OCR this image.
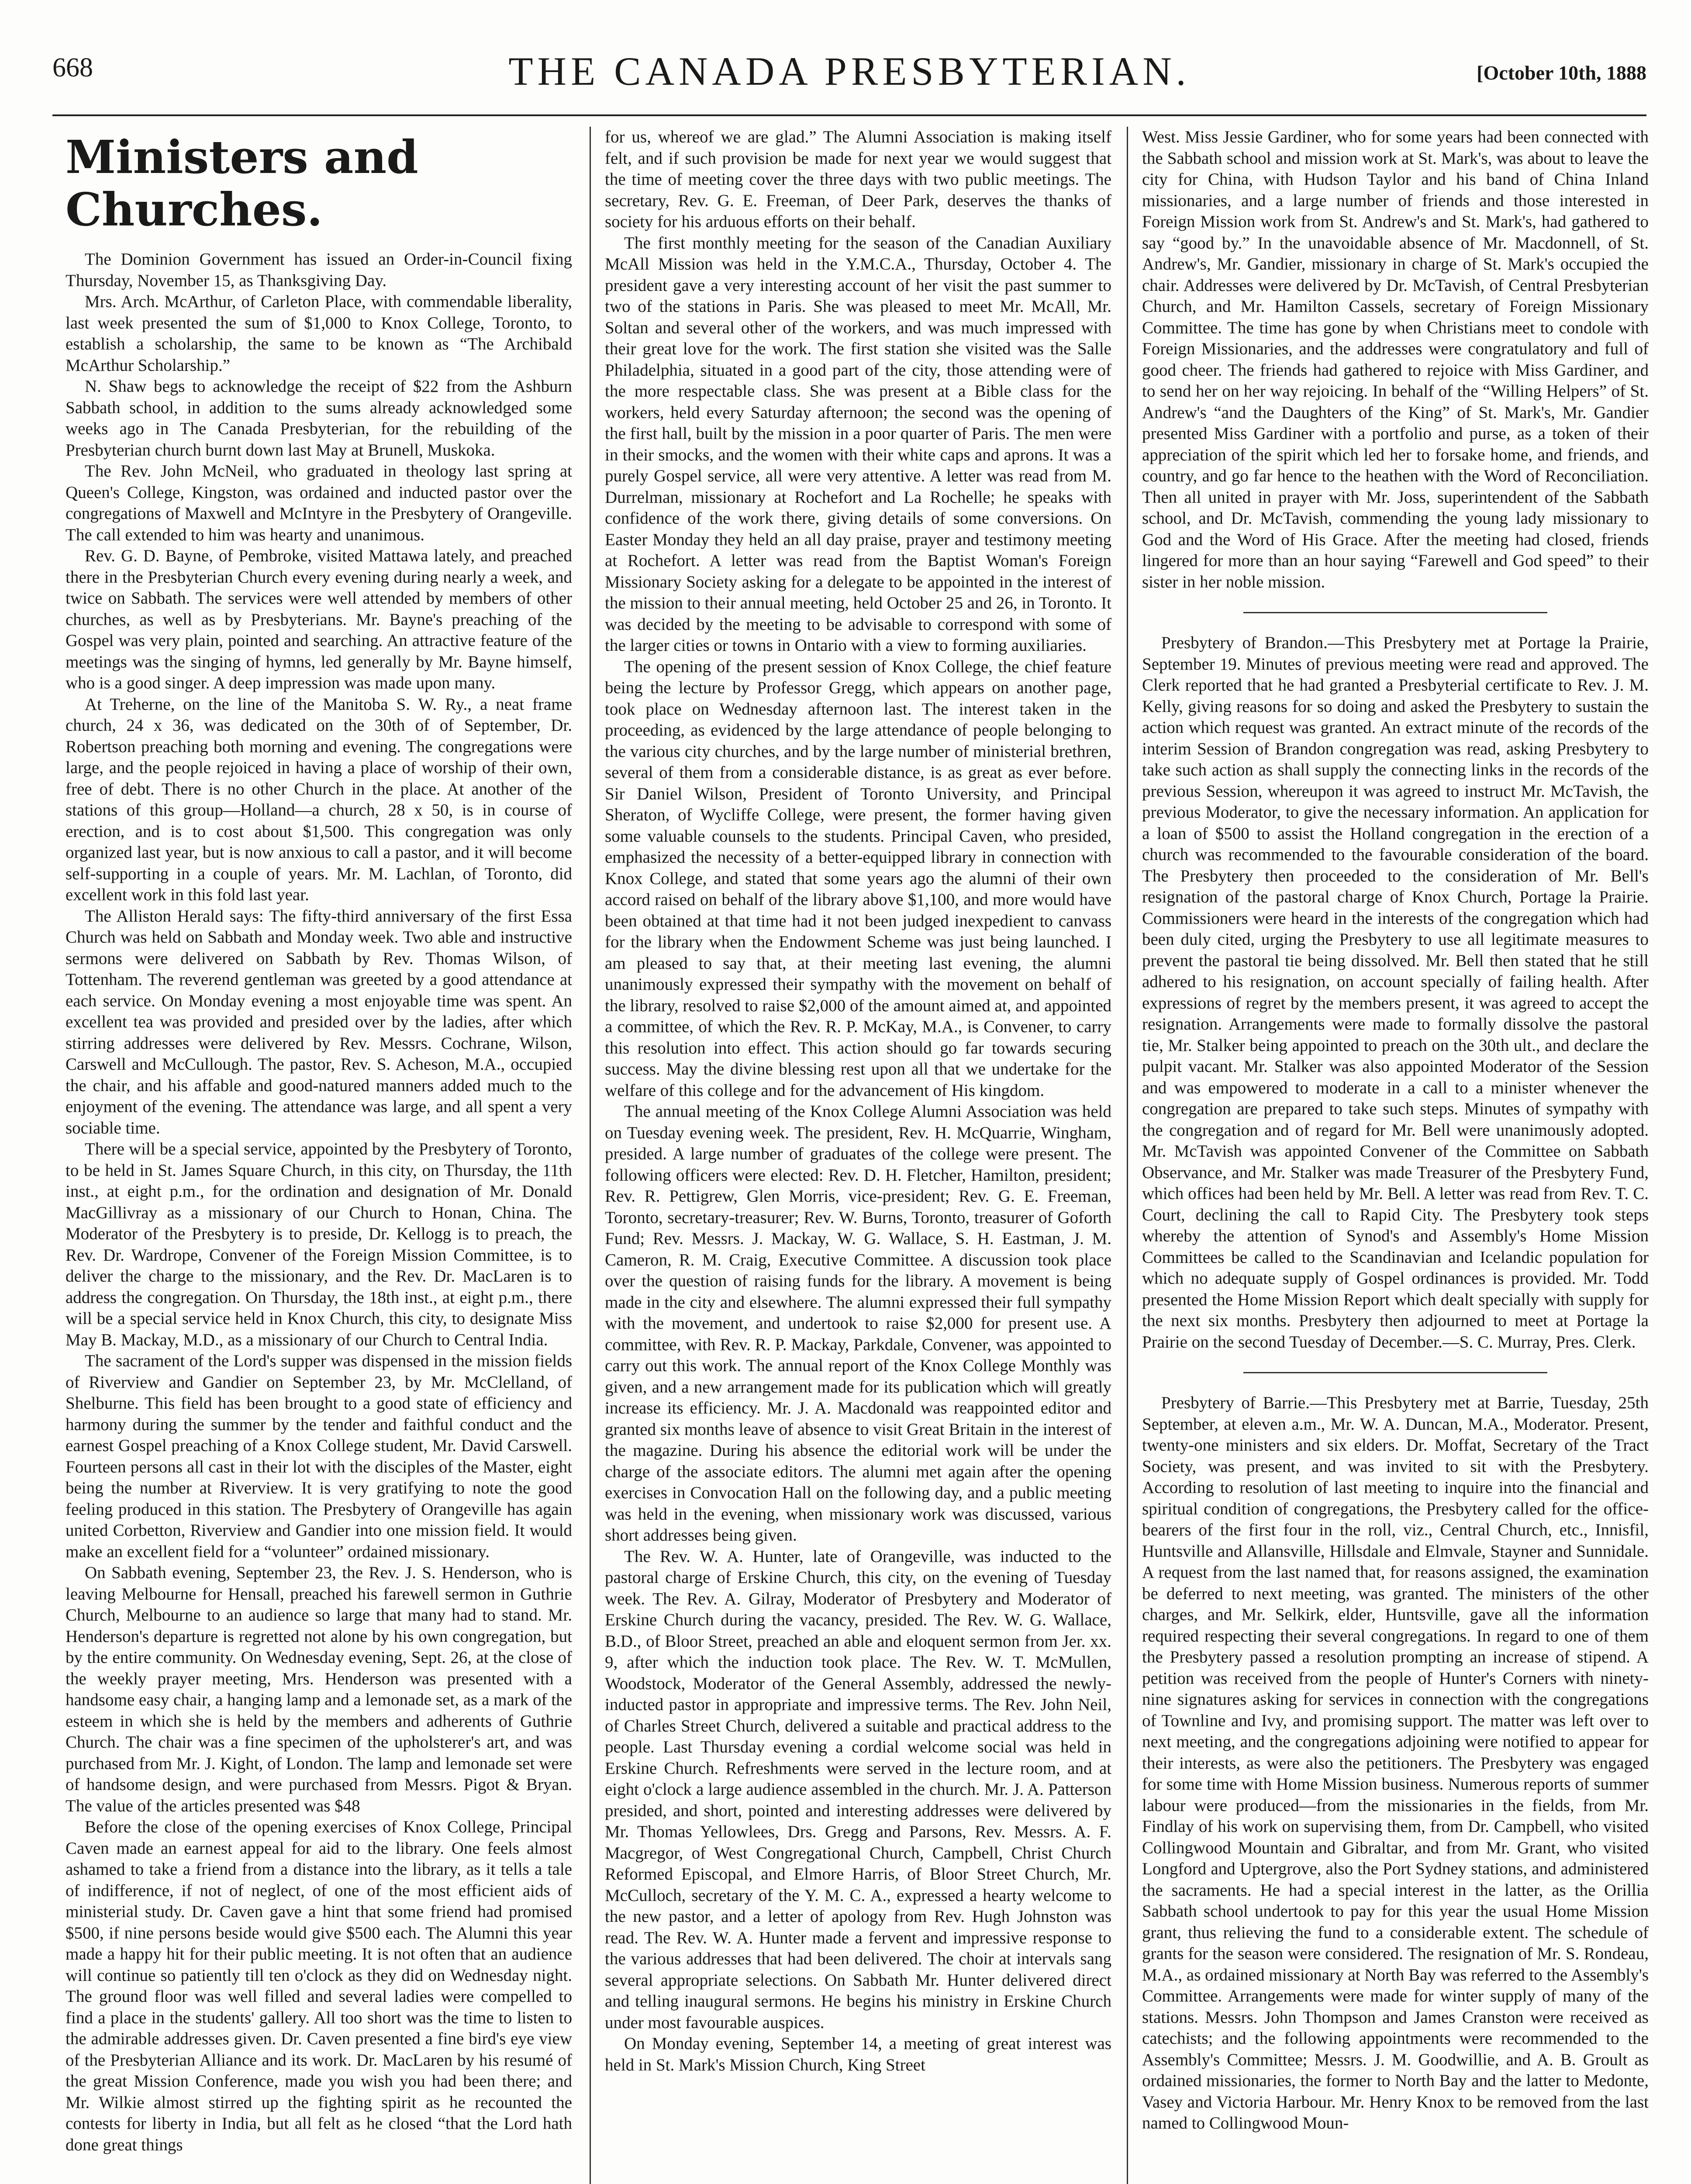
668	THE CANADA PRESBYTERIAN.	[October 10th, 1888
Ministers and Churches.

The Dominion Government has issued an Order-in-Council fixing Thursday, November 15, as Thanksgiving Day.

Mrs. Arch. McArthur, of Carleton Place, with commendable liberality, last week presented the sum of $1,000 to Knox College, Toronto, to establish a scholarship, the same to be known as “The Archibald McArthur Scholarship.”

N. Shaw begs to acknowledge the receipt of $22 from the Ashburn Sabbath school, in addition to the sums already acknowledged some weeks ago in The Canada Presbyterian, for the rebuilding of the Presbyterian church burnt down last May at Brunell, Muskoka.

The Rev. John McNeil, who graduated in theology last spring at Queen's College, Kingston, was ordained and inducted pastor over the congregations of Maxwell and McIntyre in the Presbytery of Orangeville. The call extended to him was hearty and unanimous.

Rev. G. D. Bayne, of Pembroke, visited Mattawa lately, and preached there in the Presbyterian Church every evening during nearly a week, and twice on Sabbath. The services were well attended by members of other churches, as well as by Presbyterians. Mr. Bayne's preaching of the Gospel was very plain, pointed and searching. An attractive feature of the meetings was the singing of hymns, led generally by Mr. Bayne himself, who is a good singer. A deep impression was made upon many.

At Treherne, on the line of the Manitoba S. W. Ry., a neat frame church, 24 x 36, was dedicated on the 30th of of September, Dr. Robertson preaching both morning and evening. The congregations were large, and the people rejoiced in having a place of worship of their own, free of debt. There is no other Church in the place. At another of the stations of this group—Holland—a church, 28 x 50, is in course of erection, and is to cost about $1,500. This congregation was only organized last year, but is now anxious to call a pastor, and it will become self-supporting in a couple of years. Mr. M. Lachlan, of Toronto, did excellent work in this fold last year.

The Alliston Herald says: The fifty-third anniversary of the first Essa Church was held on Sabbath and Monday week. Two able and instructive sermons were delivered on Sabbath by Rev. Thomas Wilson, of Tottenham. The reverend gentleman was greeted by a good attendance at each service. On Monday evening a most enjoyable time was spent. An excellent tea was provided and presided over by the ladies, after which stirring addresses were delivered by Rev. Messrs. Cochrane, Wilson, Carswell and McCullough. The pastor, Rev. S. Acheson, M.A., occupied the chair, and his affable and good-natured manners added much to the enjoyment of the evening. The attendance was large, and all spent a very sociable time.

There will be a special service, appointed by the Presbytery of Toronto, to be held in St. James Square Church, in this city, on Thursday, the 11th inst., at eight p.m., for the ordination and designation of Mr. Donald MacGillivray as a missionary of our Church to Honan, China. The Moderator of the Presbytery is to preside, Dr. Kellogg is to preach, the Rev. Dr. Wardrope, Convener of the Foreign Mission Committee, is to deliver the charge to the missionary, and the Rev. Dr. MacLaren is to address the congregation. On Thursday, the 18th inst., at eight p.m., there will be a special service held in Knox Church, this city, to designate Miss May B. Mackay, M.D., as a missionary of our Church to Central India.

The sacrament of the Lord's supper was dispensed in the mission fields of Riverview and Gandier on September 23, by Mr. McClelland, of Shelburne. This field has been brought to a good state of efficiency and harmony during the summer by the tender and faithful conduct and the earnest Gospel preaching of a Knox College student, Mr. David Carswell. Fourteen persons all cast in their lot with the disciples of the Master, eight being the number at Riverview. It is very gratifying to note the good feeling produced in this station. The Presbytery of Orangeville has again united Corbetton, Riverview and Gandier into one mission field. It would make an excellent field for a “volunteer” ordained missionary.

On Sabbath evening, September 23, the Rev. J. S. Henderson, who is leaving Melbourne for Hensall, preached his farewell sermon in Guthrie Church, Melbourne to an audience so large that many had to stand. Mr. Henderson's departure is regretted not alone by his own congregation, but by the entire community. On Wednesday evening, Sept. 26, at the close of the weekly prayer meeting, Mrs. Henderson was presented with a handsome easy chair, a hanging lamp and a lemonade set, as a mark of the esteem in which she is held by the members and adherents of Guthrie Church. The chair was a fine specimen of the upholsterer's art, and was purchased from Mr. J. Kight, of London. The lamp and lemonade set were of handsome design, and were purchased from Messrs. Pigot & Bryan. The value of the articles presented was $48

Before the close of the opening exercises of Knox College, Principal Caven made an earnest appeal for aid to the library. One feels almost ashamed to take a friend from a distance into the library, as it tells a tale of indifference, if not of neglect, of one of the most efficient aids of ministerial study. Dr. Caven gave a hint that some friend had promised $500, if nine persons beside would give $500 each. The Alumni this year made a happy hit for their public meeting. It is not often that an audience will continue so patiently till ten o'clock as they did on Wednesday night. The ground floor was well filled and several ladies were compelled to find a place in the students' gallery. All too short was the time to listen to the admirable addresses given. Dr. Caven presented a fine bird's eye view of the Presbyterian Alliance and its work. Dr. MacLaren by his resumé of the great Mission Conference, made you wish you had been there; and Mr. Wilkie almost stirred up the fighting spirit as he recounted the contests for liberty in India, but all felt as he closed “that the Lord hath done great things

for us, whereof we are glad.” The Alumni Association is making itself felt, and if such provision be made for next year we would suggest that the time of meeting cover the three days with two public meetings. The secretary, Rev. G. E. Freeman, of Deer Park, deserves the thanks of society for his arduous efforts on their behalf.

The first monthly meeting for the season of the Canadian Auxiliary McAll Mission was held in the Y.M.C.A., Thursday, October 4. The president gave a very interesting account of her visit the past summer to two of the stations in Paris. She was pleased to meet Mr. McAll, Mr. Soltan and several other of the workers, and was much impressed with their great love for the work. The first station she visited was the Salle Philadelphia, situated in a good part of the city, those attending were of the more respectable class. She was present at a Bible class for the workers, held every Saturday afternoon; the second was the opening of the first hall, built by the mission in a poor quarter of Paris. The men were in their smocks, and the women with their white caps and aprons. It was a purely Gospel service, all were very attentive. A letter was read from M. Durrelman, missionary at Rochefort and La Rochelle; he speaks with confidence of the work there, giving details of some conversions. On Easter Monday they held an all day praise, prayer and testimony meeting at Rochefort. A letter was read from the Baptist Woman's Foreign Missionary Society asking for a delegate to be appointed in the interest of the mission to their annual meeting, held October 25 and 26, in Toronto. It was decided by the meeting to be advisable to correspond with some of the larger cities or towns in Ontario with a view to forming auxiliaries.

The opening of the present session of Knox College, the chief feature being the lecture by Professor Gregg, which appears on another page, took place on Wednesday afternoon last. The interest taken in the proceeding, as evidenced by the large attendance of people belonging to the various city churches, and by the large number of ministerial brethren, several of them from a considerable distance, is as great as ever before. Sir Daniel Wilson, President of Toronto University, and Principal Sheraton, of Wycliffe College, were present, the former having given some valuable counsels to the students. Principal Caven, who presided, emphasized the necessity of a better-equipped library in connection with Knox College, and stated that some years ago the alumni of their own accord raised on behalf of the library above $1,100, and more would have been obtained at that time had it not been judged inexpedient to canvass for the library when the Endowment Scheme was just being launched. I am pleased to say that, at their meeting last evening, the alumni unanimously expressed their sympathy with the movement on behalf of the library, resolved to raise $2,000 of the amount aimed at, and appointed a committee, of which the Rev. R. P. McKay, M.A., is Convener, to carry this resolution into effect. This action should go far towards securing success. May the divine blessing rest upon all that we undertake for the welfare of this college and for the advancement of His kingdom.

The annual meeting of the Knox College Alumni Association was held on Tuesday evening week. The president, Rev. H. McQuarrie, Wingham, presided. A large number of graduates of the college were present. The following officers were elected: Rev. D. H. Fletcher, Hamilton, president; Rev. R. Pettigrew, Glen Morris, vice-president; Rev. G. E. Freeman, Toronto, secretary-treasurer; Rev. W. Burns, Toronto, treasurer of Goforth Fund; Rev. Messrs. J. Mackay, W. G. Wallace, S. H. Eastman, J. M. Cameron, R. M. Craig, Executive Committee. A discussion took place over the question of raising funds for the library. A movement is being made in the city and elsewhere. The alumni expressed their full sympathy with the movement, and undertook to raise $2,000 for present use. A committee, with Rev. R. P. Mackay, Parkdale, Convener, was appointed to carry out this work. The annual report of the Knox College Monthly was given, and a new arrangement made for its publication which will greatly increase its efficiency. Mr. J. A. Macdonald was reappointed editor and granted six months leave of absence to visit Great Britain in the interest of the magazine. During his absence the editorial work will be under the charge of the associate editors. The alumni met again after the opening exercises in Convocation Hall on the following day, and a public meeting was held in the evening, when missionary work was discussed, various short addresses being given.

The Rev. W. A. Hunter, late of Orangeville, was inducted to the pastoral charge of Erskine Church, this city, on the evening of Tuesday week. The Rev. A. Gilray, Moderator of Presbytery and Moderator of Erskine Church during the vacancy, presided. The Rev. W. G. Wallace, B.D., of Bloor Street, preached an able and eloquent sermon from Jer. xx. 9, after which the induction took place. The Rev. W. T. McMullen, Woodstock, Moderator of the General Assembly, addressed the newly-inducted pastor in appropriate and impressive terms. The Rev. John Neil, of Charles Street Church, delivered a suitable and practical address to the people. Last Thursday evening a cordial welcome social was held in Erskine Church. Refreshments were served in the lecture room, and at eight o'clock a large audience assembled in the church. Mr. J. A. Patterson presided, and short, pointed and interesting addresses were delivered by Mr. Thomas Yellowlees, Drs. Gregg and Parsons, Rev. Messrs. A. F. Macgregor, of West Congregational Church, Campbell, Christ Church Reformed Episcopal, and Elmore Harris, of Bloor Street Church, Mr. McCulloch, secretary of the Y. M. C. A., expressed a hearty welcome to the new pastor, and a letter of apology from Rev. Hugh Johnston was read. The Rev. W. A. Hunter made a fervent and impressive response to the various addresses that had been delivered. The choir at intervals sang several appropriate selections. On Sabbath Mr. Hunter delivered direct and telling inaugural sermons. He begins his ministry in Erskine Church under most favourable auspices.

On Monday evening, September 14, a meeting of great interest was held in St. Mark's Mission Church, King Street

West. Miss Jessie Gardiner, who for some years had been connected with the Sabbath school and mission work at St. Mark's, was about to leave the city for China, with Hudson Taylor and his band of China Inland missionaries, and a large number of friends and those interested in Foreign Mission work from St. Andrew's and St. Mark's, had gathered to say “good by.” In the unavoidable absence of Mr. Macdonnell, of St. Andrew's, Mr. Gandier, missionary in charge of St. Mark's occupied the chair. Addresses were delivered by Dr. McTavish, of Central Presbyterian Church, and Mr. Hamilton Cassels, secretary of Foreign Missionary Committee. The time has gone by when Christians meet to condole with Foreign Missionaries, and the addresses were congratulatory and full of good cheer. The friends had gathered to rejoice with Miss Gardiner, and to send her on her way rejoicing. In behalf of the “Willing Helpers” of St. Andrew's “and the Daughters of the King” of St. Mark's, Mr. Gandier presented Miss Gardiner with a portfolio and purse, as a token of their appreciation of the spirit which led her to forsake home, and friends, and country, and go far hence to the heathen with the Word of Reconciliation. Then all united in prayer with Mr. Joss, superintendent of the Sabbath school, and Dr. McTavish, commending the young lady missionary to God and the Word of His Grace. After the meeting had closed, friends lingered for more than an hour saying “Farewell and God speed” to their sister in her noble mission.

Presbytery of Brandon.—This Presbytery met at Portage la Prairie, September 19. Minutes of previous meeting were read and approved. The Clerk reported that he had granted a Presbyterial certificate to Rev. J. M. Kelly, giving reasons for so doing and asked the Presbytery to sustain the action which request was granted. An extract minute of the records of the interim Session of Brandon congregation was read, asking Presbytery to take such action as shall supply the connecting links in the records of the previous Session, whereupon it was agreed to instruct Mr. McTavish, the previous Moderator, to give the necessary information. An application for a loan of $500 to assist the Holland congregation in the erection of a church was recommended to the favourable consideration of the board. The Presbytery then proceeded to the consideration of Mr. Bell's resignation of the pastoral charge of Knox Church, Portage la Prairie. Commissioners were heard in the interests of the congregation which had been duly cited, urging the Presbytery to use all legitimate measures to prevent the pastoral tie being dissolved. Mr. Bell then stated that he still adhered to his resignation, on account specially of failing health. After expressions of regret by the members present, it was agreed to accept the resignation. Arrangements were made to formally dissolve the pastoral tie, Mr. Stalker being appointed to preach on the 30th ult., and declare the pulpit vacant. Mr. Stalker was also appointed Moderator of the Session and was empowered to moderate in a call to a minister whenever the congregation are prepared to take such steps. Minutes of sympathy with the congregation and of regard for Mr. Bell were unanimously adopted. Mr. McTavish was appointed Convener of the Committee on Sabbath Observance, and Mr. Stalker was made Treasurer of the Presbytery Fund, which offices had been held by Mr. Bell. A letter was read from Rev. T. C. Court, declining the call to Rapid City. The Presbytery took steps whereby the attention of Synod's and Assembly's Home Mission Committees be called to the Scandinavian and Icelandic population for which no adequate supply of Gospel ordinances is provided. Mr. Todd presented the Home Mission Report which dealt specially with supply for the next six months. Presbytery then adjourned to meet at Portage la Prairie on the second Tuesday of December.—S. C. Murray, Pres. Clerk.

Presbytery of Barrie.—This Presbytery met at Barrie, Tuesday, 25th September, at eleven a.m., Mr. W. A. Duncan, M.A., Moderator. Present, twenty-one ministers and six elders. Dr. Moffat, Secretary of the Tract Society, was present, and was invited to sit with the Presbytery. According to resolution of last meeting to inquire into the financial and spiritual condition of congregations, the Presbytery called for the office-bearers of the first four in the roll, viz., Central Church, etc., Innisfil, Huntsville and Allansville, Hillsdale and Elmvale, Stayner and Sunnidale. A request from the last named that, for reasons assigned, the examination be deferred to next meeting, was granted. The ministers of the other charges, and Mr. Selkirk, elder, Huntsville, gave all the information required respecting their several congregations. In regard to one of them the Presbytery passed a resolution prompting an increase of stipend. A petition was received from the people of Hunter's Corners with ninety-nine signatures asking for services in connection with the congregations of Townline and Ivy, and promising support. The matter was left over to next meeting, and the congregations adjoining were notified to appear for their interests, as were also the petitioners. The Presbytery was engaged for some time with Home Mission business. Numerous reports of summer labour were produced—from the missionaries in the fields, from Mr. Findlay of his work on supervising them, from Dr. Campbell, who visited Collingwood Mountain and Gibraltar, and from Mr. Grant, who visited Longford and Uptergrove, also the Port Sydney stations, and administered the sacraments. He had a special interest in the latter, as the Orillia Sabbath school undertook to pay for this year the usual Home Mission grant, thus relieving the fund to a considerable extent. The schedule of grants for the season were considered. The resignation of Mr. S. Rondeau, M.A., as ordained missionary at North Bay was referred to the Assembly's Committee. Arrangements were made for winter supply of many of the stations. Messrs. John Thompson and James Cranston were received as catechists; and the following appointments were recommended to the Assembly's Committee; Messrs. J. M. Goodwillie, and A. B. Groult as ordained missionaries, the former to North Bay and the latter to Medonte, Vasey and Victoria Harbour. Mr. Henry Knox to be removed from the last named to Collingwood Moun-
